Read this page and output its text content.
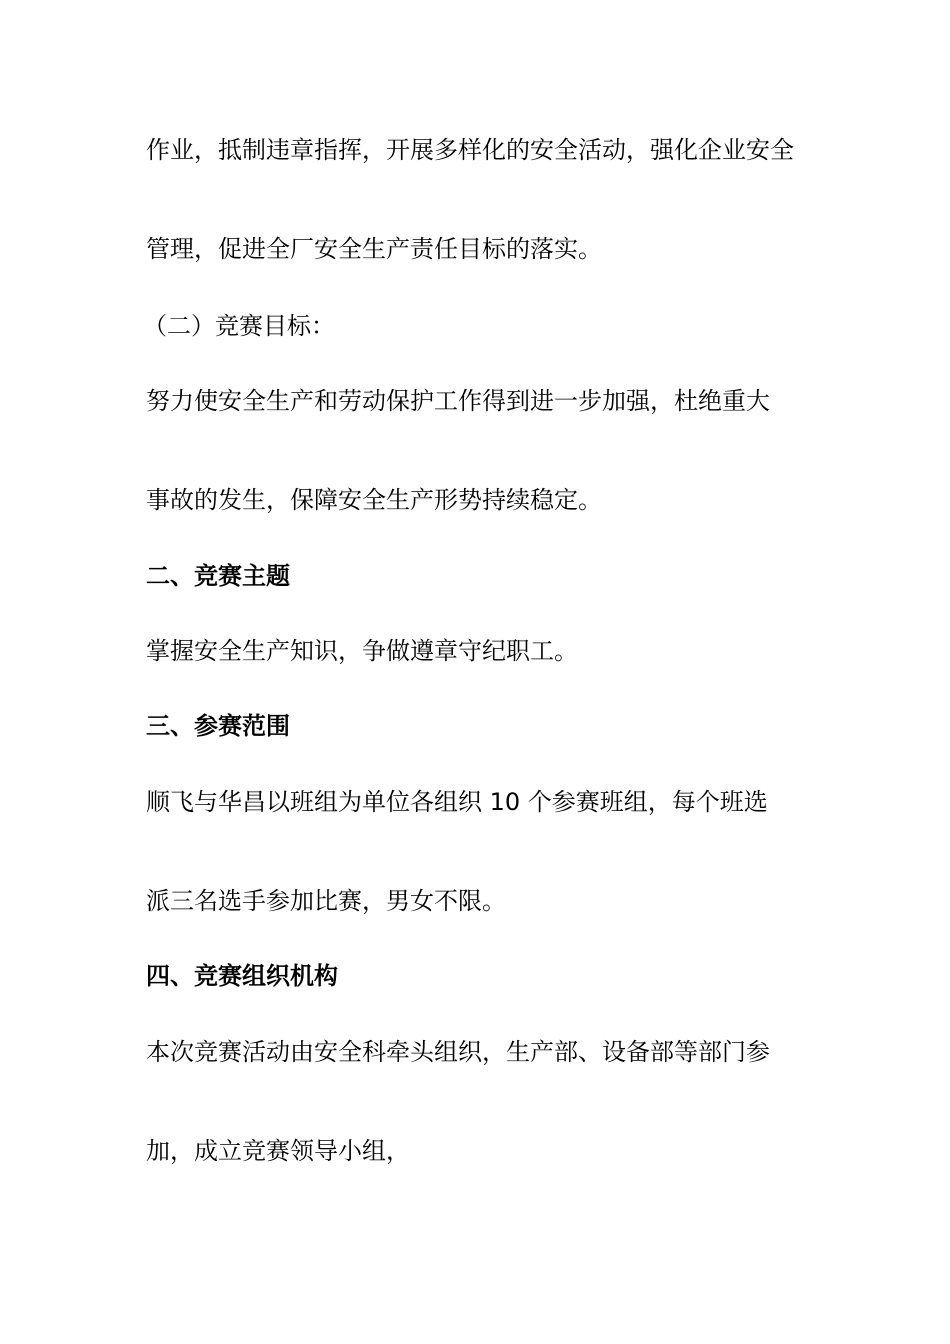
作业，抵制违章指挥，开展多样化的安全活动，强化企业安全

管理，促进全厂安全生产责任目标的落实。

（二）竞赛目标：

努力使安全生产和劳动保护工作得到进一步加强，杜绝重大

事故的发生，保障安全生产形势持续稳定。

二、竞赛主题

掌握安全生产知识，争做遵章守纪职工。

三、参赛范围

顺飞与华昌以班组为单位各组织 10 个参赛班组，每个班选

派三名选手参加比赛，男女不限。

四、竞赛组织机构

本次竞赛活动由安全科牵头组织，生产部、设备部等部门参

加，成立竞赛领导小组，
